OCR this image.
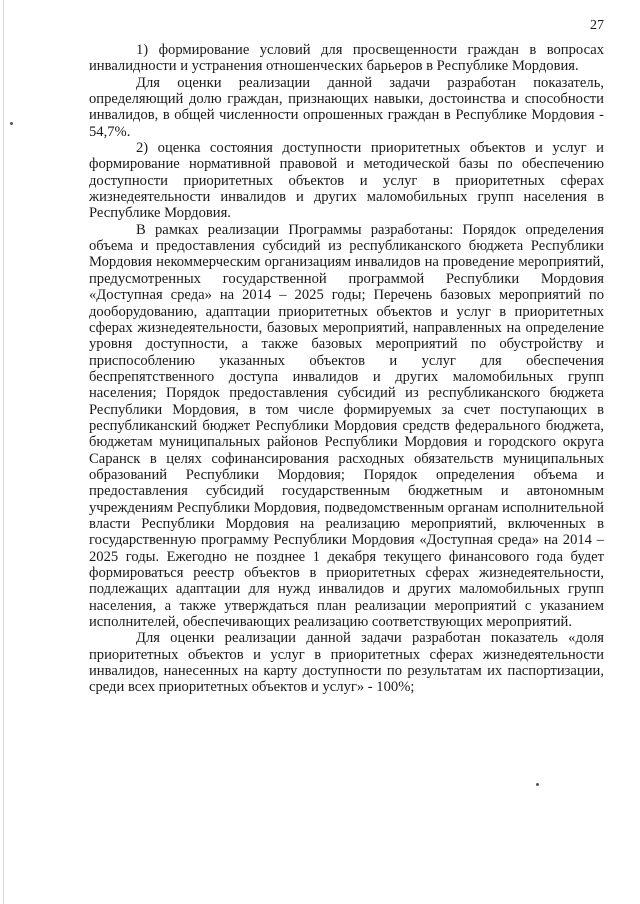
27

1) формирование условий для просвещенности граждан в вопросах инвалидности и устранения отношенческих барьеров в Республике Мордовия.

Для оценки реализации данной задачи разработан показатель, определяющий долю граждан, признающих навыки, достоинства и способности инвалидов, в общей численности опрошенных граждан в Республике Мордовия - 54,7%.

2) оценка состояния доступности приоритетных объектов и услуг и формирование нормативной правовой и методической базы по обеспечению доступности приоритетных объектов и услуг в приоритетных сферах жизнедеятельности инвалидов и других маломобильных групп населения в Республике Мордовия.

В рамках реализации Программы разработаны: Порядок определения объема и предоставления субсидий из республиканского бюджета Республики Мордовия некоммерческим организациям инвалидов на проведение мероприятий, предусмотренных государственной программой Республики Мордовия «Доступная среда» на 2014 – 2025 годы; Перечень базовых мероприятий по дооборудованию, адаптации приоритетных объектов и услуг в приоритетных сферах жизнедеятельности, базовых мероприятий, направленных на определение уровня доступности, а также базовых мероприятий по обустройству и приспособлению указанных объектов и услуг для обеспечения беспрепятственного доступа инвалидов и других маломобильных групп населения; Порядок предоставления субсидий из республиканского бюджета Республики Мордовия, в том числе формируемых за счет поступающих в республиканский бюджет Республики Мордовия средств федерального бюджета, бюджетам муниципальных районов Республики Мордовия и городского округа Саранск в целях софинансирования расходных обязательств муниципальных образований Республики Мордовия; Порядок определения объема и предоставления субсидий государственным бюджетным и автономным учреждениям Республики Мордовия, подведомственным органам исполнительной власти Республики Мордовия на реализацию мероприятий, включенных в государственную программу Республики Мордовия «Доступная среда» на 2014 – 2025 годы. Ежегодно не позднее 1 декабря текущего финансового года будет формироваться реестр объектов в приоритетных сферах жизнедеятельности, подлежащих адаптации для нужд инвалидов и других маломобильных групп населения, а также утверждаться план реализации мероприятий с указанием исполнителей, обеспечивающих реализацию соответствующих мероприятий.

Для оценки реализации данной задачи разработан показатель «доля приоритетных объектов и услуг в приоритетных сферах жизнедеятельности инвалидов, нанесенных на карту доступности по результатам их паспортизации, среди всех приоритетных объектов и услуг» - 100%;
